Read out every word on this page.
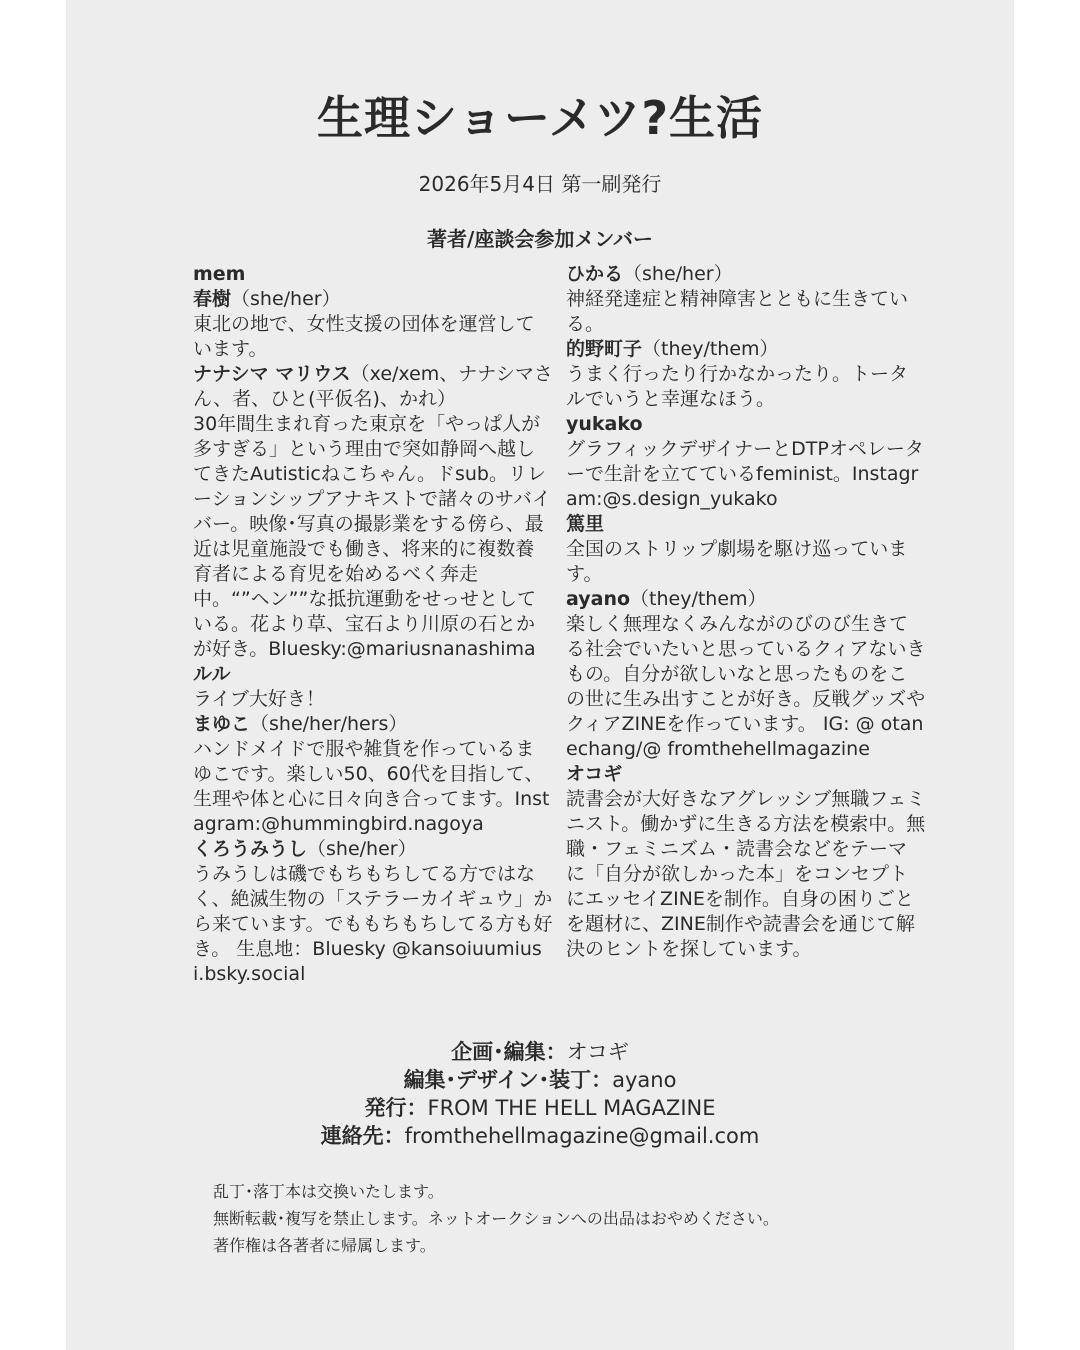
生理ショーメツ?生活
2026年5月4日 第一刷発行
著者/座談会参加メンバー
mem
春樹（she/her）
東北の地で、女性支援の団体を運営しています。
ナナシマ マリウス（xe/xem、ナナシマさん、者、ひと(平仮名)、かれ）
30年間生まれ育った東京を「やっぱ人が多すぎる」という理由で突如静岡へ越してきたAutisticねこちゃん。ドsub。リレーションシップアナキストで諸々のサバイバー。映像･写真の撮影業をする傍ら、最近は児童施設でも働き、将来的に複数養育者による育児を始めるべく奔走中。“”ヘン””な抵抗運動をせっせとしている。花より草、宝石より川原の石とかが好き。Bluesky:@mariusnanashima
ルル
ライブ大好き！
まゆこ（she/her/hers）
ハンドメイドで服や雑貨を作っているまゆこです。楽しい50、60代を目指して、生理や体と心に日々向き合ってます。Instagram:@hummingbird.nagoya
くろうみうし（she/her）
うみうしは磯でもちもちしてる方ではなく、絶滅生物の「ステラーカイギュウ」から来ています。でももちもちしてる方も好き。 生息地：Bluesky @kansoiuumiusi.bsky.social
ひかる（she/her）
神経発達症と精神障害とともに生きている。
的野町子（they/them）
うまく行ったり行かなかったり。トータルでいうと幸運なほう。
yukako
グラフィックデザイナーとDTPオペレーターで生計を立てているfeminist。Instagram:@s.design_yukako
篤里
全国のストリップ劇場を駆け巡っています。
ayano（they/them）
楽しく無理なくみんながのびのび生きてる社会でいたいと思っているクィアないきもの。自分が欲しいなと思ったものをこの世に生み出すことが好き。反戦グッズやクィアZINEを作っています。 IG: @ otanechang/@ fromthehellmagazine
オコギ
読書会が大好きなアグレッシブ無職フェミニスト。働かずに生きる方法を模索中。無職・フェミニズム・読書会などをテーマに「自分が欲しかった本」をコンセプトにエッセイZINEを制作。自身の困りごとを題材に、ZINE制作や読書会を通じて解決のヒントを探しています。
企画･編集：オコギ
編集･デザイン･装丁：ayano
発行：FROM THE HELL MAGAZINE
連絡先：fromthehellmagazine@gmail.com
乱丁･落丁本は交換いたします。
無断転載･複写を禁止します。ネットオークションへの出品はおやめください。
著作権は各著者に帰属します。
